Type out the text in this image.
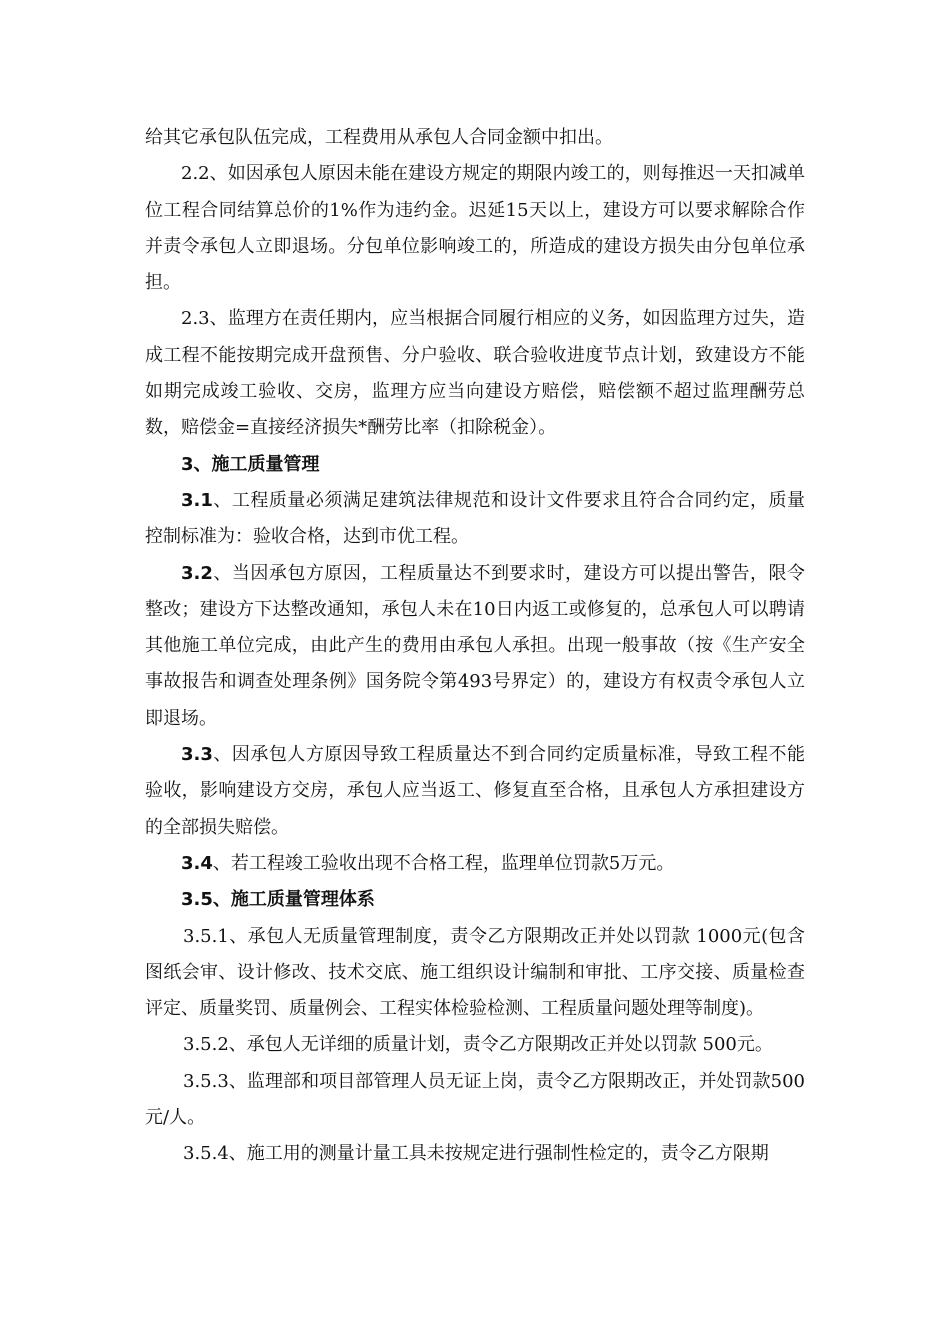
给其它承包队伍完成，工程费用从承包人合同金额中扣出。

2.2、如因承包人原因未能在建设方规定的期限内竣工的，则每推迟一天扣减单位工程合同结算总价的1%作为违约金。迟延15天以上，建设方可以要求解除合作并责令承包人立即退场。分包单位影响竣工的，所造成的建设方损失由分包单位承担。

2.3、监理方在责任期内，应当根据合同履行相应的义务，如因监理方过失，造成工程不能按期完成开盘预售、分户验收、联合验收进度节点计划，致建设方不能如期完成竣工验收、交房，监理方应当向建设方赔偿，赔偿额不超过监理酬劳总数，赔偿金=直接经济损失*酬劳比率（扣除税金）。

3、施工质量管理

3.1、工程质量必须满足建筑法律规范和设计文件要求且符合合同约定，质量控制标准为：验收合格，达到市优工程。

3.2、当因承包方原因，工程质量达不到要求时，建设方可以提出警告，限令整改；建设方下达整改通知，承包人未在10日内返工或修复的，总承包人可以聘请其他施工单位完成，由此产生的费用由承包人承担。出现一般事故（按《生产安全事故报告和调查处理条例》国务院令第493号界定）的，建设方有权责令承包人立即退场。

3.3、因承包人方原因导致工程质量达不到合同约定质量标准，导致工程不能验收，影响建设方交房，承包人应当返工、修复直至合格，且承包人方承担建设方的全部损失赔偿。

3.4、若工程竣工验收出现不合格工程，监理单位罚款5万元。

3.5、施工质量管理体系

3.5.1、承包人无质量管理制度，责令乙方限期改正并处以罚款 1000元(包含图纸会审、设计修改、技术交底、施工组织设计编制和审批、工序交接、质量检查评定、质量奖罚、质量例会、工程实体检验检测、工程质量问题处理等制度)。

3.5.2、承包人无详细的质量计划，责令乙方限期改正并处以罚款 500元。

3.5.3、监理部和项目部管理人员无证上岗，责令乙方限期改正，并处罚款500元/人。

3.5.4、施工用的测量计量工具未按规定进行强制性检定的，责令乙方限期
